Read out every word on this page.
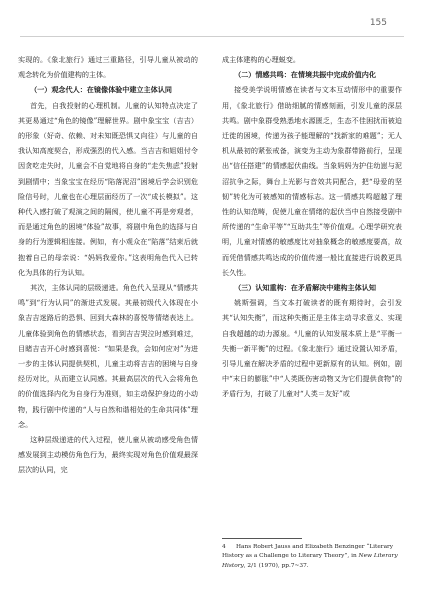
155

实现的。《象北旅行》通过三重路径，引导儿童从被动的观念转化为价值建构的主体。

（一）观念代人：在镜像体验中建立主体认同

首先，自我投射的心理机制。儿童的认知特点决定了其更易通过“角色的镜像”理解世界。剧中象宝宝（吉吉）的形象（好奇、依赖、对未知既恐惧又向往）与儿童的自我认知高度契合，形成强烈的代入感。当吉吉和姐姐付令因贪吃走失时，儿童会不自觉地将自身的“走失焦虑”投射到剧情中；当象宝宝在经历“陷落泥沼”困境后学会识别危险信号时，儿童也在心理层面经历了一次“成长模拟”。这种代入感打破了观演之间的隔阂，使儿童不再是旁观者，而是通过角色的困境“体验”故事，将剧中角色的选择与自身的行为逻辑相连接。例如，有小观众在“陷落”结束后就抱着自己的母亲说：“妈妈我爱你。”这表明角色代入已转化为具体的行为认知。

其次，主体认同的层级递进。角色代入呈现从“情感共鸣”到“行为认同”的渐进式发展。其最初级代入体现在小象吉吉迷路后的恐惧、回到大森林的喜悦等情绪表达上。儿童体验到角色的情感状态，看到吉吉哭泣时感到难过，目睹吉吉开心时感到喜悦：“如果是我，会如何应对”为进一步的主体认同提供契机，儿童主动将吉吉的困境与自身经历对比，从而建立认同感。其最高层次的代入会将角色的价值选择内化为自身行为准则，如主动保护身边的小动物，践行剧中传递的“人与自然和谐相处的生命共同体”理念。

这种层级递进的代入过程，使儿童从被动感受角色情感发展到主动模仿角色行为，最终实现对角色价值观最深层次的认同，完

成主体建构的心理蜕变。

（二）情感共鸣：在情境共振中完成价值内化

接受美学说明情感在读者与文本互动情形中的重要作用，《象北旅行》借助细腻的情感刻画，引发儿童的深层共鸣。剧中象群受熟悉地水源匮乏，生态不佳困扰而被迫迁徙的困境，传递为孩子能理解的“找新家的难题”；无人机从最初的紧张戒备，演变为主动为象群带路前行，呈现出“信任搭建”的情感起伏曲线。当象妈妈为护住幼崽与泥沼抗争之际，舞台上光影与音效共同配合，把“母爱的坚韧”转化为可被感知的情感标志。这一情感共鸣超越了理性的认知范畴，促使儿童在情绪的起伏当中自然接受剧中所传递的“生命平等”“互助共生”等价值观。心理学研究表明，儿童对情感的敏感度比对抽象概念的敏感度要高，故而凭借情感共鸣达成的价值传递一般比直接进行说教更具长久性。

（三）认知重构：在矛盾解决中建构主体认知

姚斯强调，当文本打破读者的既有期待时，会引发其“认知失衡”，而这种失衡正是主体主动寻求意义、实现自我超越的动力源泉。⁴儿童的认知发展本质上是“平衡一失衡一新平衡”的过程。《象北旅行》通过设置认知矛盾，引导儿童在解决矛盾的过程中更新原有的认知。例如，剧中“末日的膨胀”中“人类既伤害动物又为它们提供食物”的矛盾行为，打破了儿童对“人类＝友好”或

4 Hans Robert Jauss and Elizabeth Benzinger “Literary History as a Challenge to Literary Theory”, in New Literary History, 2/1 (1970), pp.7~37.
